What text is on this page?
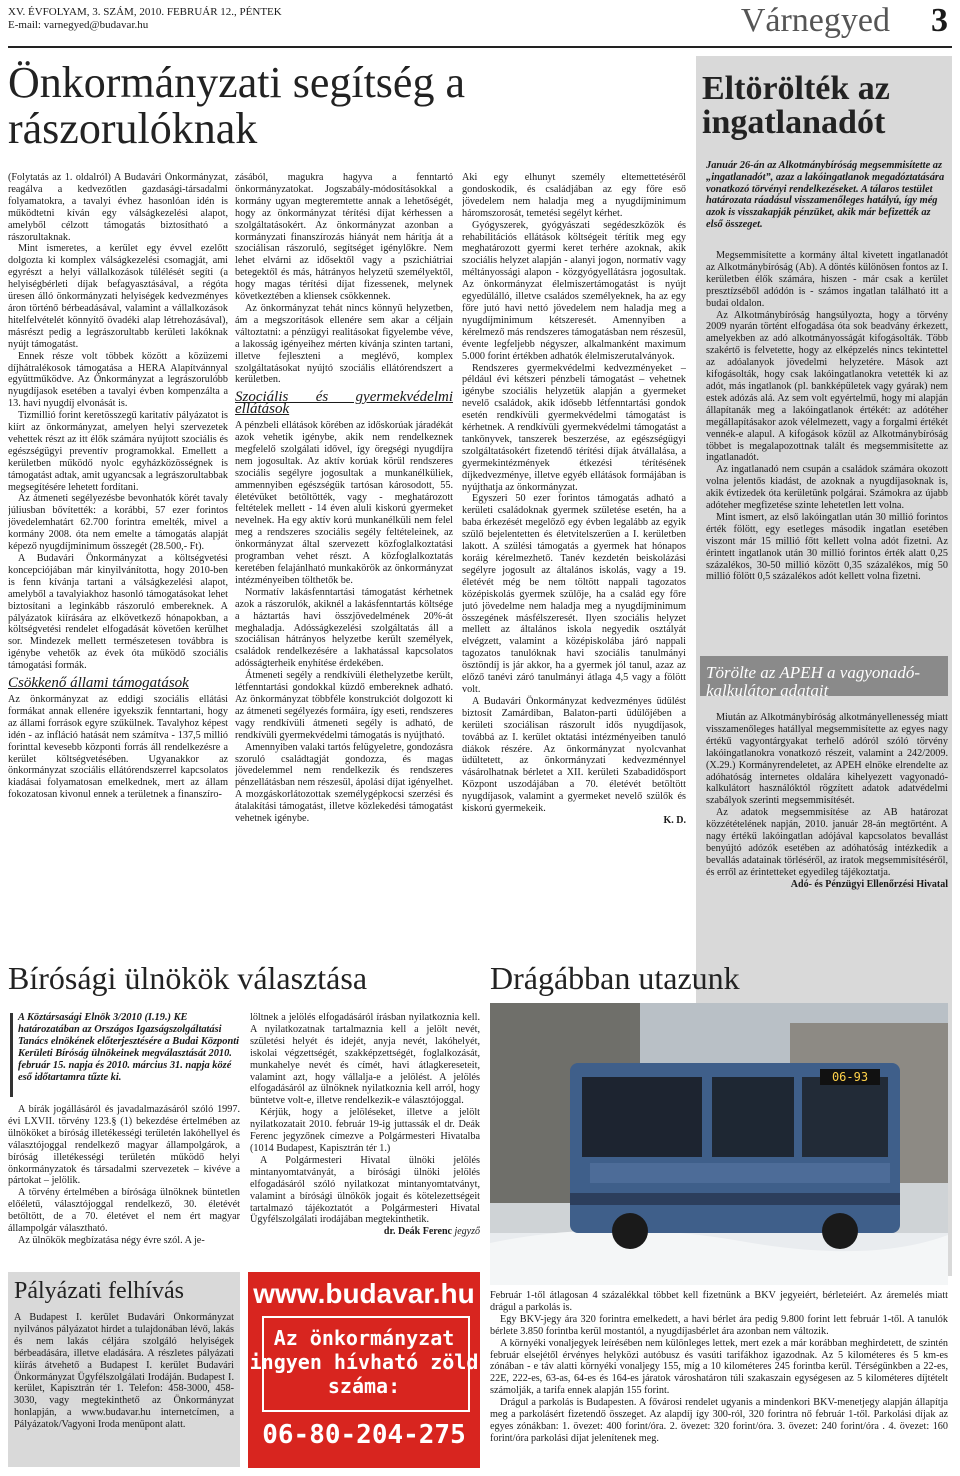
XV. ÉVFOLYAM, 3. SZÁM, 2010. FEBRUÁR 12., PÉNTEK
E-mail: varnegyed@budavar.hu	Várnegyed 3
Önkormányzati segítség a rászorulóknak

(Folytatás az 1. oldalról) A Budavári Önkormányzat, reagálva a kedvezőtlen gazdasági-társadalmi folyamatokra, a tavalyi évhez hasonlóan idén is működtetni kíván egy válságkezelési alapot, amelyből célzott támogatás biztosítható a rászorultaknak.

Mint ismeretes, a kerület egy évvel ezelőtt dolgozta ki komplex válságkezelési csomagját, ami egyrészt a helyi vállalkozások túlélését segíti (a helyiségbérleti díjak befagyasztásával, a régóta üresen álló önkormányzati helyiségek kedvezményes áron történő bérbeadásával, valamint a vállalkozások hitelfelvételét könnyítő övadéki alap létrehozásával), másrészt pedig a legrászorultabb kerületi lakóknak nyújt támogatást.

Ennek része volt többek között a közüzemi díjhátralékosok támogatása a HERA Alapítvánnyal együttműködve. Az Önkormányzat a legrászorulóbb nyugdíjasok esetében a tavalyi évben kompenzálta a 13. havi nyugdíj elvonását is.

Tizmillió forint keretösszegű karitatív pályázatot is kiírt az önkormányzat, amelyen helyi szervezetek vehettek részt az itt élők számára nyújtott szociális és egészségügyi preventív programokkal. Emellett a kerületben működő nyolc egyházközösségnek is támogatást adtak, amit ugyancsak a legrászorultabbak megsegítésére lehetett fordítani.

Az átmeneti segélyezésbe bevonhatók körét tavaly júliusban bővítették: a korábbi, 57 ezer forintos jövedelemhatárt 62.700 forintra emelték, mivel a kormány 2008. óta nem emelte a támogatás alapját képező nyugdíjminimum összegét (28.500,- Ft).

A Budavári Önkormányzat a költségvetési koncepciójában már kinyilvánította, hogy 2010-ben is fenn kívánja tartani a válságkezelési alapot, amelyből a tavalyiakhoz hasonló támogatásokat lehet biztosítani a leginkább rászoruló embereknek. A pályázatok kiírására az elkövetkező hónapokban, a költségvetési rendelet elfogadását követően kerülhet sor. Mindezek mellett természetesen továbbra is igénybe vehetők az évek óta működő szociális támogatási formák.

Csökkenő állami támogatások

Az önkormányzat az eddigi szociális ellátási formákat annak ellenére igyekszik fenntartani, hogy az állami források egyre szűkülnek. Tavalyhoz képest idén - az infláció hatását nem számítva - 137,5 millió forinttal kevesebb központi forrás áll rendelkezésre a kerület költségvetésében. Ugyanakkor az önkormányzat szociális ellátórendszerrel kapcsolatos kiadásai folyamatosan emelkednek, mert az állam fokozatosan kivonul ennek a területnek a finanszíro-

zásából, magukra hagyva a fenntartó önkormányzatokat. Jogszabály-módosításokkal a kormány ugyan megteremtette annak a lehetőségét, hogy az önkormányzat térítési díjat kérhessen a szolgáltatásokért. Az önkormányzat azonban a kormányzati finanszírozás hiányát nem hárítja át a szociálisan rászoruló, segítséget igénylőkre. Nem lehet elvárni az idősektől vagy a pszichiátriai betegektől és más, hátrányos helyzetű személyektől, hogy magas térítési díjat fizessenek, melynek következtében a kliensek csökkennek.

Az önkormányzat tehát nincs könnyű helyzetben, ám a megszorítások ellenére sem akar a céljain változtatni: a pénzügyi realitásokat figyelembe véve, a lakosság igényeihez mérten kívánja szinten tartani, illetve fejleszteni a meglévő, komplex szolgáltatásokat nyújtó szociális ellátórendszert a kerületben.

Szociális és gyermekvédelmi ellátások

A pénzbeli ellátások körében az időskorúak járadékát azok vehetik igénybe, akik nem rendelkeznek megfelelő szolgálati idővel, így öregségi nyugdíjra nem jogosultak. Az aktív korúak körül rendszeres szociális segélyre jogosultak a munkanélküliek, ammennyiben egészségük tartósan károsodott, 55. életévüket betöltötték, vagy - meghatározott feltételek mellett - 14 éven aluli kiskorú gyermeket nevelnek. Ha egy aktív korú munkanélküli nem felel meg a rendszeres szociális segély feltételeinek, az önkormányzat által szervezett közfoglalkoztatási programban vehet részt. A közfoglalkoztatás keretében felajánlható munkakörök az önkormányzat intézményeiben tölthetők be.

Normatív lakásfenntartási támogatást kérhetnek azok a rászorulók, akiknél a lakásfenntartás költsége a háztartás havi összjövedelmének 20%-át meghaladja. Adósságkezelési szolgáltatás áll a szociálisan hátrányos helyzetbe került személyek, családok rendelkezésére a lakhatással kapcsolatos adósságterheik enyhítése érdekében.

Átmeneti segély a rendkívüli élethelyzetbe került, létfenntartási gondokkal küzdő embereknek adható. Az önkormányzat többféle konstrukciót dolgozott ki az átmeneti segélyezés formáira, így eseti, rendszeres vagy rendkívüli átmeneti segély is adható, de rendkívüli gyermekvédelmi támogatás is nyújtható.

Amennyiben valaki tartós felügyeletre, gondozásra szoruló családtagját gondozza, és magas jövedelemmel nem rendelkezik és rendszeres pénzellátásban nem részesül, ápolási díjat igényelhet. A mozgáskorlátozottak személygépkocsi szerzési és átalakítási támogatást, illetve közlekedési támogatást vehetnek igénybe.

Aki egy elhunyt személy eltemettetéséről gondoskodik, és családjában az egy főre eső jövedelem nem haladja meg a nyugdíjminimum háromszorosát, temetési segélyt kérhet.

Gyógyszerek, gyógyászati segédeszközök és rehabilitációs ellátások költségeit térítik meg egy meghatározott gyermi keret terhére azoknak, akik szociális helyzet alapján - alanyi jogon, normatív vagy méltányossági alapon - közgyógyellátásra jogosultak. Az önkormányzat élelmiszertámogatást is nyújt egyedülálló, illetve családos személyeknek, ha az egy főre jutó havi nettó jövedelem nem haladja meg a nyugdíjminimum kétszeresét. Amennyiben a kérelmező más rendszeres támogatásban nem részesül, évente legfeljebb négyszer, alkalmanként maximum 5.000 forint értékben adhatók élelmiszerutalványok.

Rendszeres gyermekvédelmi kedvezményeket – például évi kétszeri pénzbeli támogatást – vehetnek igénybe szociális helyzetük alapján a gyermeket nevelő családok, akik idősebb létfenntartási gondok esetén rendkívüli gyermekvédelmi támogatást is kérhetnek. A rendkívüli gyermekvédelmi támogatást a tankönyvek, tanszerek beszerzése, az egészségügyi szolgáltatásokért fizetendő térítési díjak átvállalása, a gyermekintézmények étkezési térítésének díjkedvezménye, illetve egyéb ellátások formájában is nyújthatja az önkormányzat.

Egyszeri 50 ezer forintos támogatás adható a kerületi családoknak gyermek születése esetén, ha a baba érkezését megelőző egy évben legalább az egyik szülő bejelentetten és életvitelszerűen a I. kerületben lakott. A szülési támogatás a gyermek hat hónapos koráig kérelmezhető. Tanév kezdetén beiskolázási segélyre jogosult az általános iskolás, vagy a 19. életévét még be nem töltött nappali tagozatos középiskolás gyermek szülője, ha a család egy főre jutó jövedelme nem haladja meg a nyugdíjminimum összegének másfélszeresét. Ilyen szociális helyzet mellett az általános iskola negyedik osztályát elvégzett, valamint a középiskolába járó nappali tagozatos tanulóknak havi szociális tanulmányi ösztöndíj is jár akkor, ha a gyermek jól tanul, azaz az előző tanévi záró tanulmányi átlaga 4,5 vagy a fölött volt.

A Budavári Önkormányzat kedvezményes üdülést biztosít Zamárdiban, Balaton-parti üdülőjében a kerületi szociálisan rászorult idős nyugdíjasok, továbbá az I. kerület oktatási intézményeiben tanuló diákok részére. Az önkormányzat nyolcvanhat üdültetett, az önkormányzati kedvezménnyel vásárolhatnak bérletet a XII. kerületi Szabadidősport Központ uszodájában a 70. életévét betöltött nyugdíjasok, valamint a gyermeket nevelő szülők és kiskorú gyermekeik.

K. D.
Eltörölték az ingatlanadót
Január 26-án az Alkotmánybíróság megsemmisítette az „ingatlanadót”, azaz a lakóingatlanok megadóztatására vonatkozó törvényi rendelkezéseket. A tálaros testület határozata ráadásul visszamenőleges hatályú, így még azok is visszakapják pénzüket, akik már befizették az első összeget.

Megsemmisítette a kormány által kivetett ingatlanadót az Alkotmánybíróság (Ab). A döntés különösen fontos az I. kerületben élők számára, hiszen - már csak a kerület presztízséből adódón is - számos ingatlan található itt a budai oldalon.

Az Alkotmánybíróság hangsúlyozta, hogy a törvény 2009 nyarán történt elfogadása óta sok beadvány érkezett, amelyekben az adó alkotmányosságát kifogásolták. Több szakértő is felvetette, hogy az elképzelés nincs tekintettel az adóalanyok jövedelmi helyzetére. Mások azt kifogásolták, hogy csak lakóingatlanokra vetették ki az adót, más ingatlanok (pl. bankképületek vagy gyárak) nem estek adózás alá. Az sem volt egyértelmű, hogy mi alapján állapítanák meg a lakóingatlanok értékét: az adótéher megállapításakor azok vélelmezett, vagy a forgalmi értékét vennék-e alapul. A kifogások közül az Alkotmánybíróság többet is megalapozottnak talált és megsemmisítette az ingatlanadót.

Az ingatlanadó nem csupán a családok számára okozott volna jelentős kiadást, de azoknak a nyugdíjasoknak is, akik évtizedek óta kerületünk polgárai. Számokra az újabb adóteher megfizetése szinte lehetetlen lett volna.

Mint ismert, az első lakóingatlan után 30 millió forintos érték fölött, egy esetleges második ingatlan esetében viszont már 15 millió főtt kellett volna adót fizetni. Az érintett ingatlanok után 30 millió forintos érték alatt 0,25 százalékos, 30-50 millió között 0,35 százalékos, míg 50 millió fölött 0,5 százalékos adót kellett volna fizetni.

Törölte az APEH a vagyonadó-kalkulátor adatait

Miután az Alkotmánybíróság alkotmányellenesség miatt visszamenőleges hatállyal megsemmisítette az egyes nagy értékű vagyontárgyakat terhelő adóról szóló törvény lakóingatlanokra vonatkozó részeit, valamint a 242/2009. (X.29.) Kormányrendeletet, az APEH elnöke elrendelte az adóhatóság internetes oldalára kihelyezett vagyonadó-kalkulátort használóktól rögzített adatok adatvédelmi szabályok szerinti megsemmisítését.

Az adatok megsemmisítése az AB határozat közzétételének napján, 2010. január 28-án megtörtént. A nagy értékű lakóingatlan adójával kapcsolatos bevallást benyújtó adózók esetében az adóhatóság intézkedik a bevallás adatainak törléséről, az iratok megsemmisítéséről, és erről az érintetteket egyedileg tájékoztatja.

Adó- és Pénzügyi Ellenőrzési Hivatal
Bírósági ülnökök választása
A Köztársasági Elnök 3/2010 (I.19.) KE határozatában az Országos Igazságszolgáltatási Tanács elnökének előterjesztésére a Budai Központi Kerületi Bíróság ülnökeinek megválasztását 2010. február 15. napja és 2010. március 31. napja közé eső időtartamra tűzte ki.

A bírák jogállásáról és javadalmazásáról szóló 1997. évi LXVII. törvény 123.§ (1) bekezdése értelmében az ülnököket a bíróság illetékességi területén lakóhellyel és választójoggal rendelkező magyar állampolgárok, a bíróság illetékességi területén működő helyi önkormányzatok és társadalmi szervezetek – kivéve a pártokat – jelölik.

A törvény értelmében a bírósága ülnöknek büntetlen előéletű, választójoggal rendelkező, 30. életévét betöltött, de a 70. életévet el nem ért magyar állampolgár választható.

Az ülnökök megbízatása négy évre szól. A je-

löltnek a jelölés elfogadásáról írásban nyilatkoznia kell. A nyilatkozatnak tartalmaznia kell a jelölt nevét, születési helyét és idejét, anyja nevét, lakóhelyét, iskolai végzettségét, szakképzettségét, foglalkozását, munkahelye nevét és címét, havi átlagkereseteit, valamint azt, hogy vállalja-e a jelölést. A jelölés elfogadásáról az ülnöknek nyilatkoznia kell arról, hogy büntetve volt-e, illetve rendelkezik-e választójoggal.

Kérjük, hogy a jelöléseket, illetve a jelölt nyilatkozatait 2010. február 19-ig juttassák el dr. Deák Ferenc jegyzőnek címezve a Polgármesteri Hivatalba (1014 Budapest, Kapisztrán tér 1.)

A Polgármesteri Hivatal ülnöki jelölés mintanyomtatványát, a bírósági ülnöki jelölés elfogadásáról szóló nyilatkozat mintanyomtatványt, valamint a bírósági ülnökök jogait és kötelezettségeit tartalmazó tájékoztatót a Polgármesteri Hivatal Ügyfélszolgálati irodájában megtekinthetik.

dr. Deák Ferenc jegyző
Pályázati felhívás

A Budapest I. kerület Budavári Önkormányzat nyilvános pályázatot hirdet a tulajdonában lévő, lakás és nem lakás céljára szolgáló helyiségek bérbeadására, illetve eladására. A részletes pályázati kiírás átvehető a Budapest I. kerület Budavári Önkormányzat Ügyfélszolgálati Irodáján. Budapest I. kerület, Kapisztrán tér 1. Telefon: 458-3000, 458-3030, vagy megtekinthető az Önkormányzat honlapján, a www.budavar.hu internetcímen, a Pályázatok/Vagyoni Iroda menüpont alatt.

www.budavar.hu
Az önkormányzat ingyen hívható zöld száma:
06-80-204-275
Drágábban utazunk
06-93

Február 1-től átlagosan 4 százalékkal többet kell fizetnünk a BKV jegyeiért, bérleteiért. Az áremelés miatt drágul a parkolás is.

Egy BKV-jegy ára 320 forintra emelkedett, a havi bérlet ára pedig 9.800 forint lett február 1-től. A tanulók bérlete 3.850 forintba kerül mostantól, a nyugdíjasbérlet ára azonban nem változik.

A környéki vonaljegyek leírésében nem különleges lettek, mert ezek a már korábban meghirdetett, de szintén február elsejétől érvényes helyközi autóbusz és vasúti tarifákhoz igazodnak. Az 5 kilométeres és 5 km-es zónában - e táv alatti környéki vonaljegy 155, míg a 10 kilométeres 245 forintba kerül. Térségünkben a 22-es, 22E, 222-es, 63-as, 64-es és 164-es járatok városhatáron túli szakaszain egységesen az 5 kilométeres díjtételt számolják, a tarifa ennek alapján 155 forint.

Drágul a parkolás is Budapesten. A fővárosi rendelet ugyanis a mindenkori BKV-menetjegy alapján állapítja meg a parkolásért fizetendő összeget. Az alapdíj így 300-ról, 320 forintra nő február 1-től. Parkolási díjak az egyes zónákban: 1. övezet: 400 forint/óra. 2. övezet: 320 forint/óra. 3. övezet: 240 forint/óra . 4. övezet: 160 forint/óra parkolási díjat jelenítenek meg.
